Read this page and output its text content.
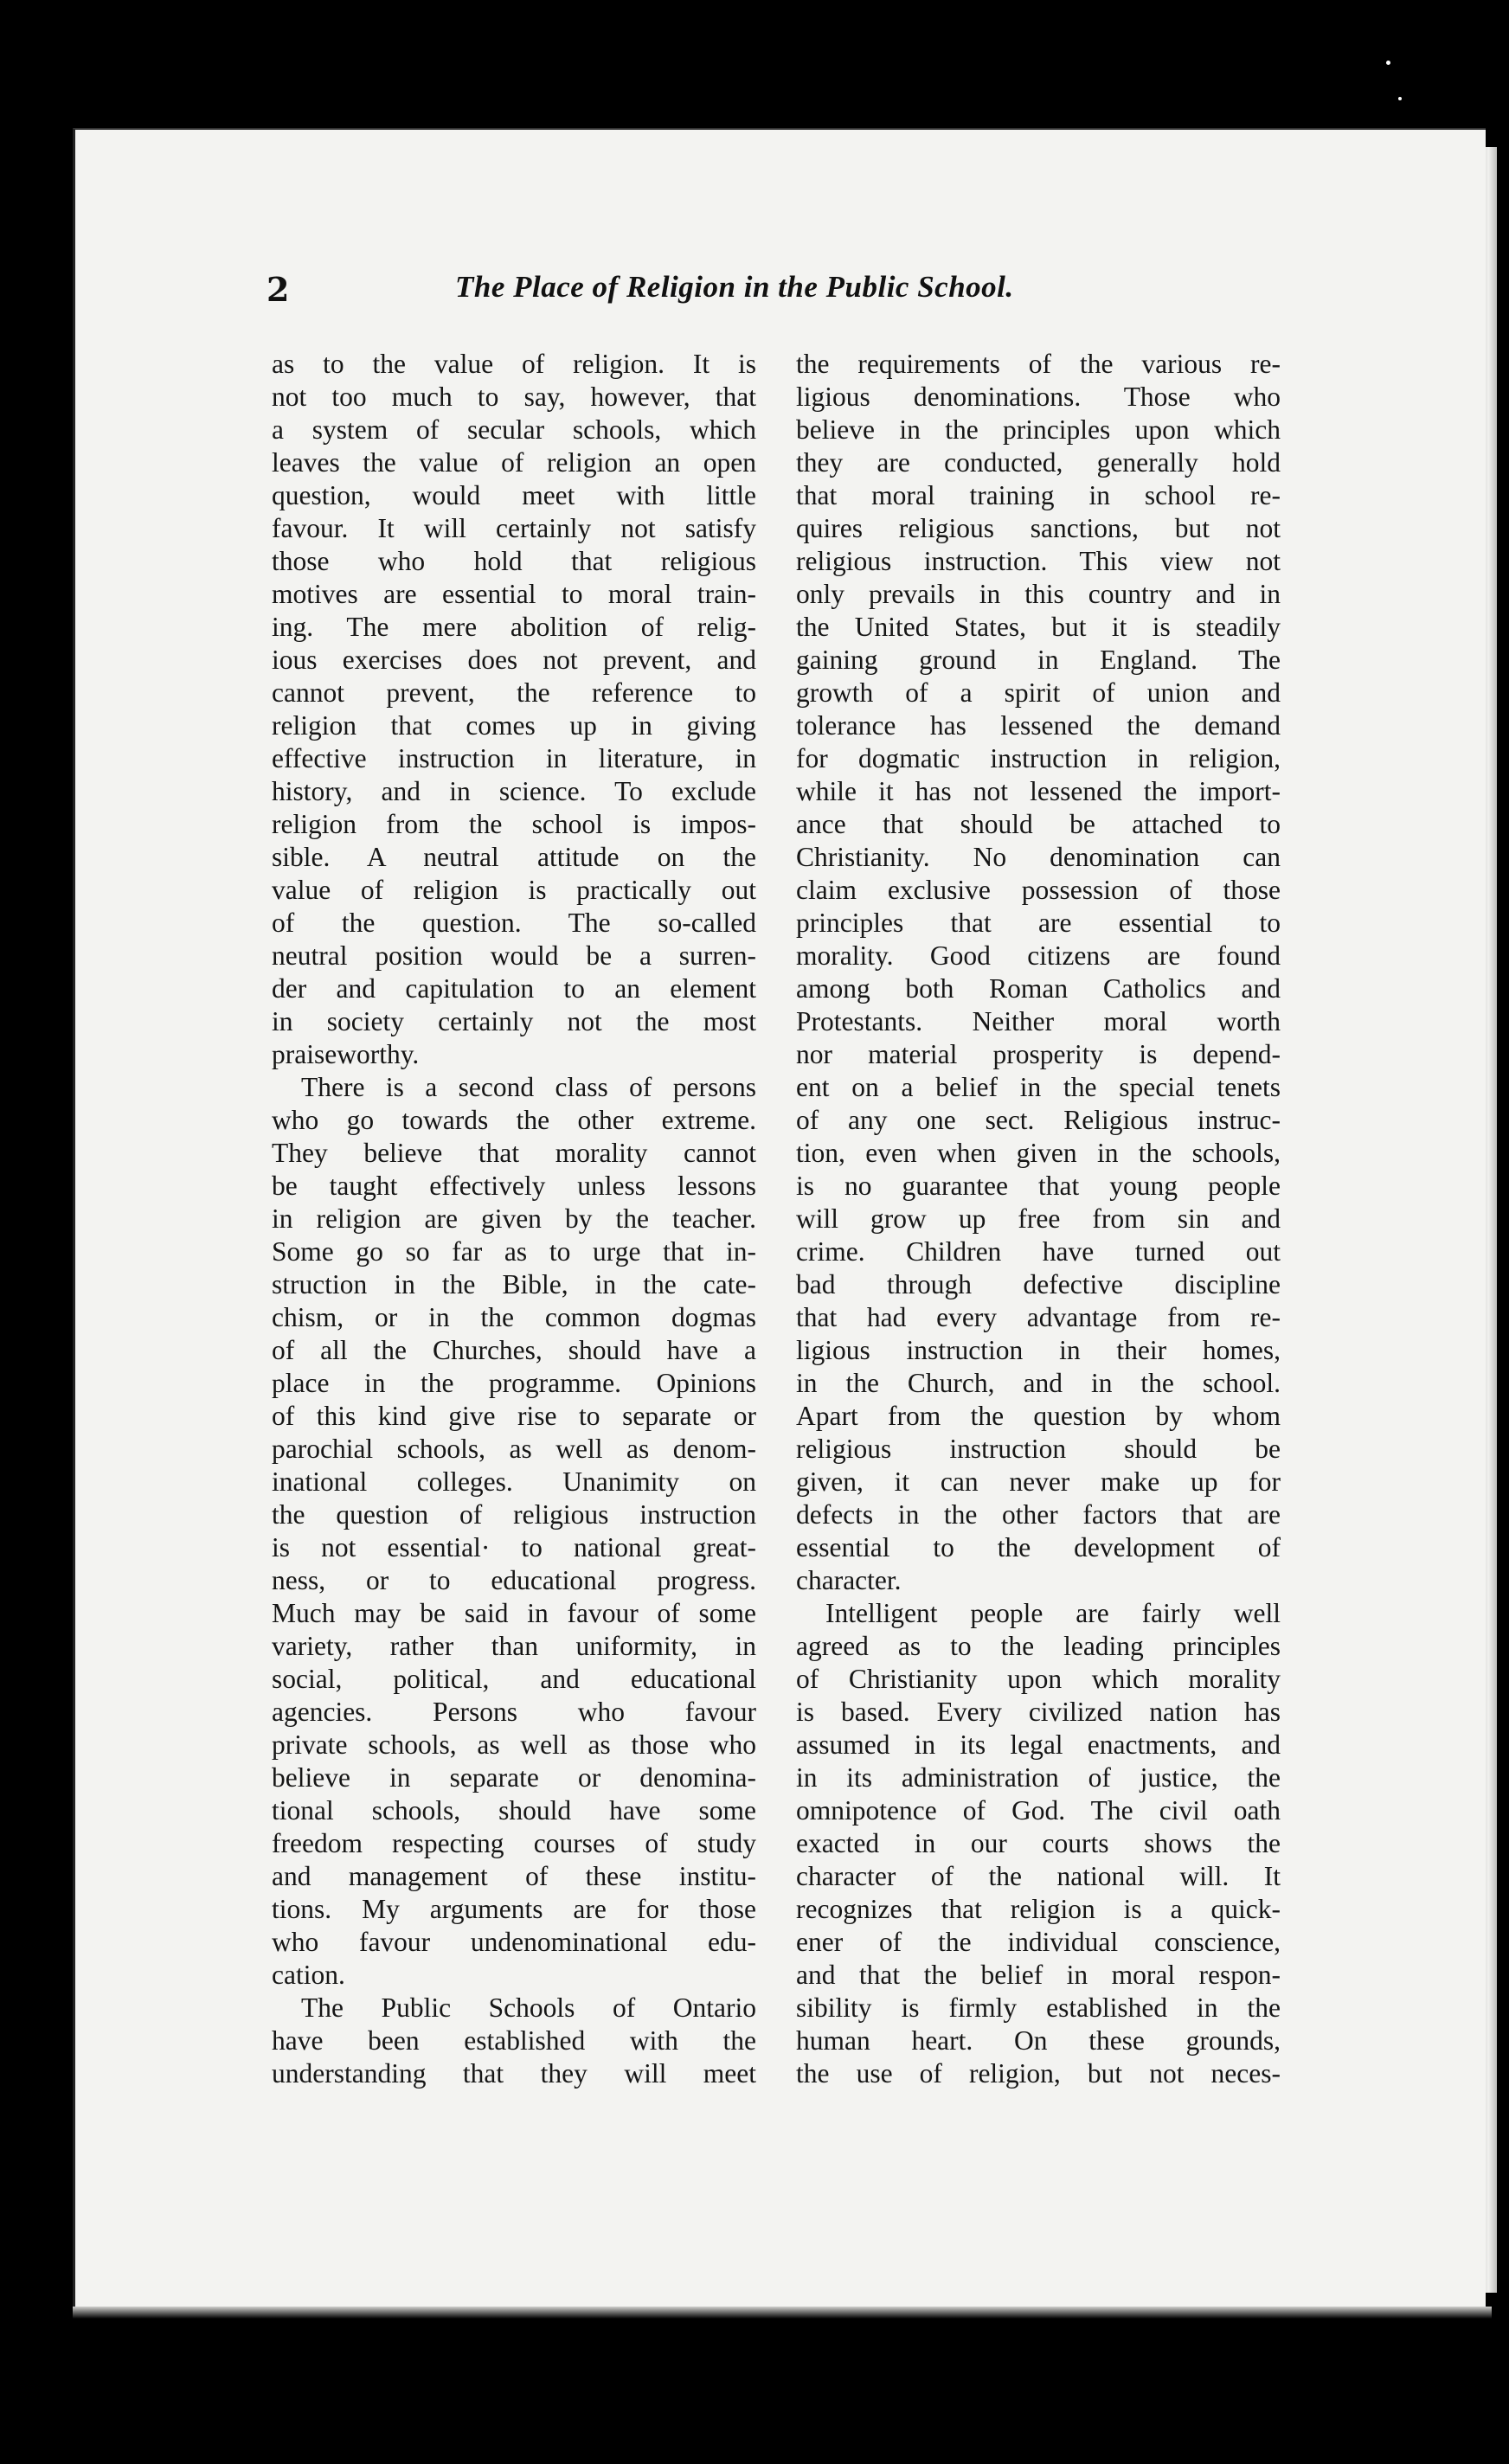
2	The Place of Religion in the Public School.
as to the value of religion. It is
not too much to say, however, that
a system of secular schools, which
leaves the value of religion an open
question, would meet with little
favour. It will certainly not satisfy
those who hold that religious
motives are essential to moral train-
ing. The mere abolition of relig-
ious exercises does not prevent, and
cannot prevent, the reference to
religion that comes up in giving
effective instruction in literature, in
history, and in science. To exclude
religion from the school is impos-
sible. A neutral attitude on the
value of religion is practically out
of the question. The so-called
neutral position would be a surren-
der and capitulation to an element
in society certainly not the most
praiseworthy.
There is a second class of persons
who go towards the other extreme.
They believe that morality cannot
be taught effectively unless lessons
in religion are given by the teacher.
Some go so far as to urge that in-
struction in the Bible, in the cate-
chism, or in the common dogmas
of all the Churches, should have a
place in the programme. Opinions
of this kind give rise to separate or
parochial schools, as well as denom-
inational colleges. Unanimity on
the question of religious instruction
is not essential· to national great-
ness, or to educational progress.
Much may be said in favour of some
variety, rather than uniformity, in
social, political, and educational
agencies. Persons who favour
private schools, as well as those who
believe in separate or denomina-
tional schools, should have some
freedom respecting courses of study
and management of these institu-
tions. My arguments are for those
who favour undenominational edu-
cation.
The Public Schools of Ontario
have been established with the
understanding that they will meet
the requirements of the various re-
ligious denominations. Those who
believe in the principles upon which
they are conducted, generally hold
that moral training in school re-
quires religious sanctions, but not
religious instruction. This view not
only prevails in this country and in
the United States, but it is steadily
gaining ground in England. The
growth of a spirit of union and
tolerance has lessened the demand
for dogmatic instruction in religion,
while it has not lessened the import-
ance that should be attached to
Christianity. No denomination can
claim exclusive possession of those
principles that are essential to
morality. Good citizens are found
among both Roman Catholics and
Protestants. Neither moral worth
nor material prosperity is depend-
ent on a belief in the special tenets
of any one sect. Religious instruc-
tion, even when given in the schools,
is no guarantee that young people
will grow up free from sin and
crime. Children have turned out
bad through defective discipline
that had every advantage from re-
ligious instruction in their homes,
in the Church, and in the school.
Apart from the question by whom
religious instruction should be
given, it can never make up for
defects in the other factors that are
essential to the development of
character.
Intelligent people are fairly well
agreed as to the leading principles
of Christianity upon which morality
is based. Every civilized nation has
assumed in its legal enactments, and
in its administration of justice, the
omnipotence of God. The civil oath
exacted in our courts shows the
character of the national will. It
recognizes that religion is a quick-
ener of the individual conscience,
and that the belief in moral respon-
sibility is firmly established in the
human heart. On these grounds,
the use of religion, but not neces-
